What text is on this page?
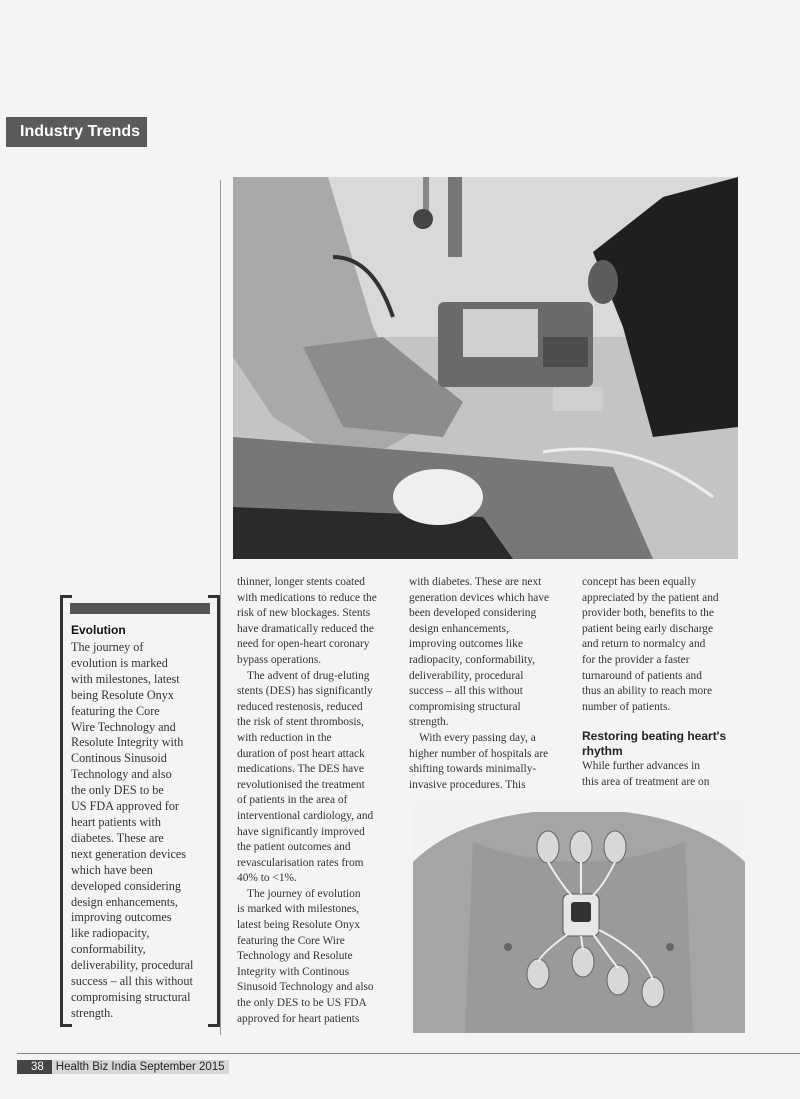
Industry Trends
Evolution
The journey of
evolution is marked
with milestones, latest
being Resolute Onyx
featuring the Core
Wire Technology and
Resolute Integrity with
Continous Sinusoid
Technology and also
the only DES to be
US FDA approved for
heart patients with
diabetes. These are
next generation devices
which have been
developed considering
design enhancements,
improving outcomes
like radiopacity,
conformability,
deliverability, procedural
success – all this without
compromising structural
strength.
thinner, longer stents coated
with medications to reduce the
risk of new blockages. Stents
have dramatically reduced the
need for open-heart coronary
bypass operations.
The advent of drug-eluting
stents (DES) has significantly
reduced restenosis, reduced
the risk of stent thrombosis,
with reduction in the
duration of post heart attack
medications. The DES have
revolutionised the treatment
of patients in the area of
interventional cardiology, and
have significantly improved
the patient outcomes and
revascularisation rates from
40% to <1%.
The journey of evolution
is marked with milestones,
latest being Resolute Onyx
featuring the Core Wire
Technology and Resolute
Integrity with Continous
Sinusoid Technology and also
the only DES to be US FDA
approved for heart patients
with diabetes. These are next
generation devices which have
been developed considering
design enhancements,
improving outcomes like
radiopacity, conformability,
deliverability, procedural
success – all this without
compromising structural
strength.
With every passing day, a
higher number of hospitals are
shifting towards minimally-
invasive procedures. This
concept has been equally
appreciated by the patient and
provider both, benefits to the
patient being early discharge
and return to normalcy and
for the provider a faster
turnaround of patients and
thus an ability to reach more
number of patients.
Restoring beating heart's
rhythm
While further advances in
this area of treatment are on
38	Health Biz India September 2015
